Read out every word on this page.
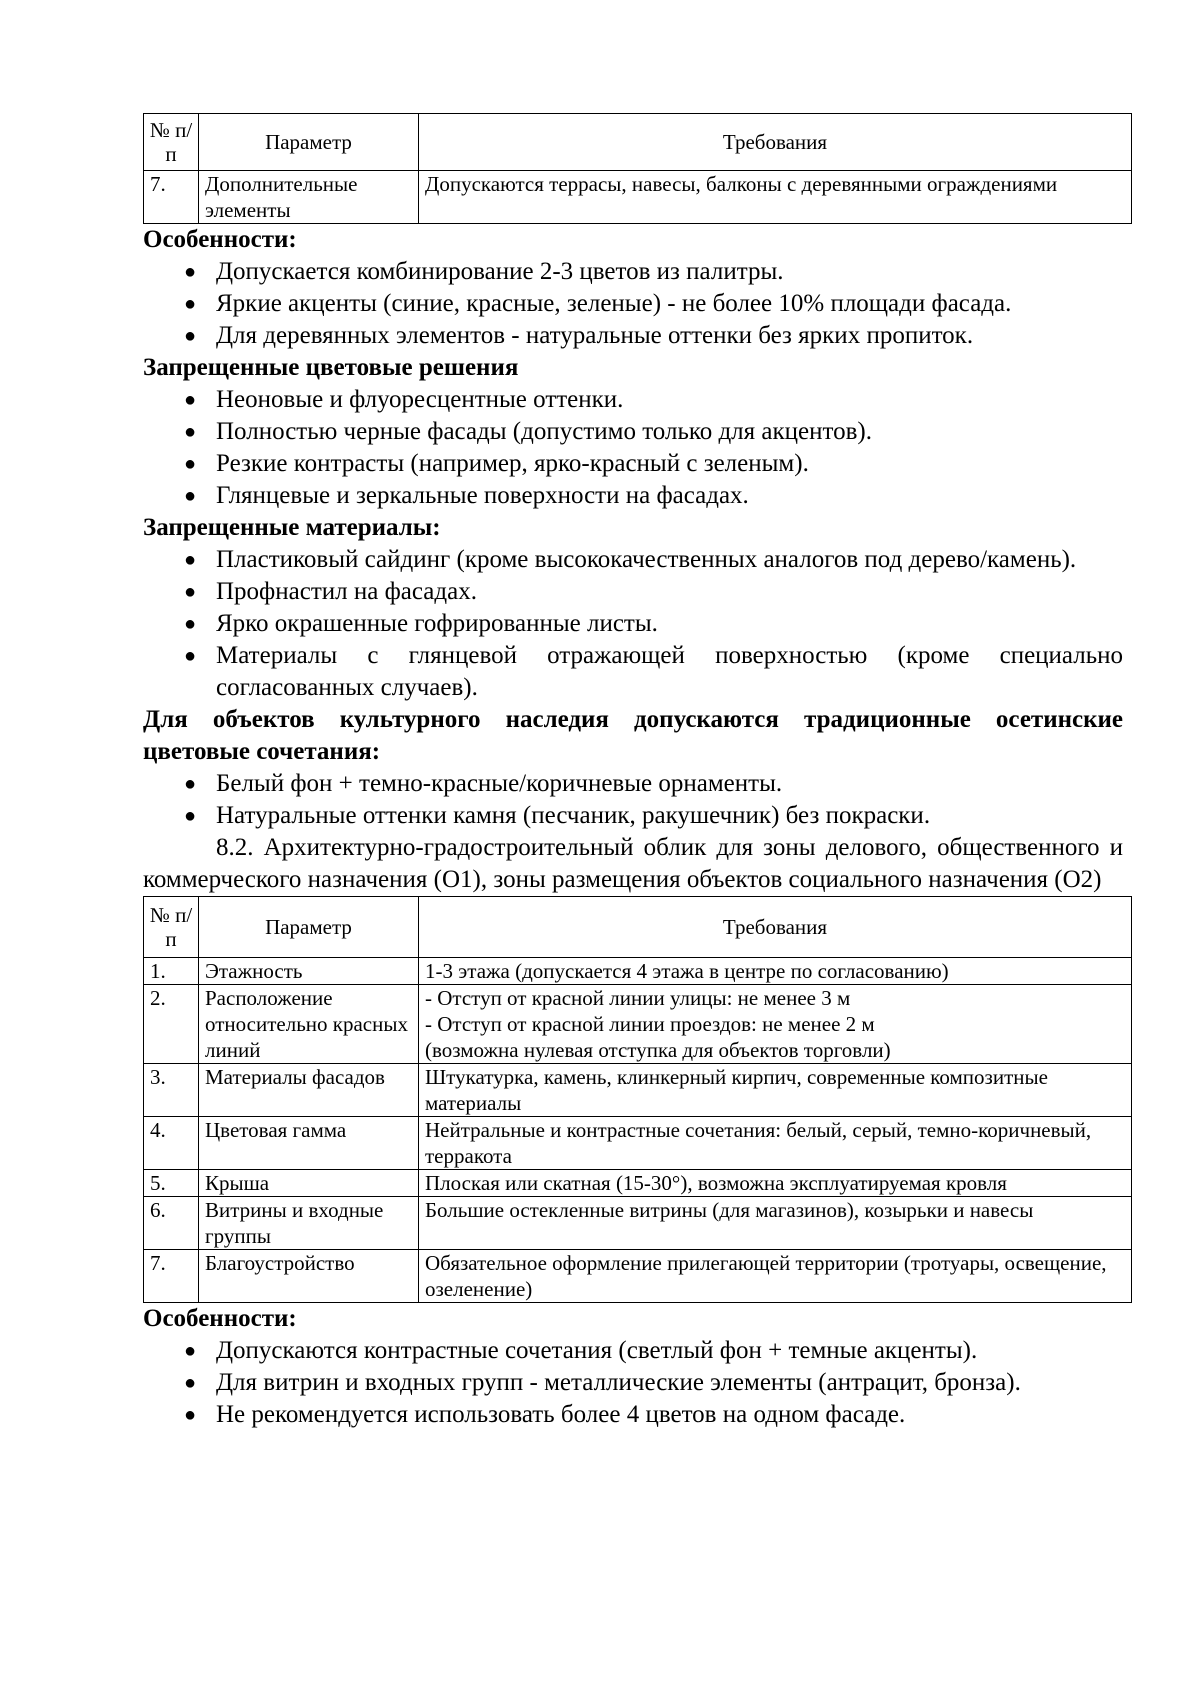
№ п/п	Параметр	Требования
7.	Дополнительные элементы	Допускаются террасы, навесы, балконы с деревянными ограждениями

Особенности:

● Допускается комбинирование 2-3 цветов из палитры.
● Яркие акценты (синие, красные, зеленые) - не более 10% площади фасада.
● Для деревянных элементов - натуральные оттенки без ярких пропиток.

Запрещенные цветовые решения

● Неоновые и флуоресцентные оттенки.
● Полностью черные фасады (допустимо только для акцентов).
● Резкие контрасты (например, ярко-красный с зеленым).
● Глянцевые и зеркальные поверхности на фасадах.

Запрещенные материалы:

● Пластиковый сайдинг (кроме высококачественных аналогов под дерево/камень).
● Профнастил на фасадах.
● Ярко окрашенные гофрированные листы.
● Материалы с глянцевой отражающей поверхностью (кроме специально согласованных случаев).

Для объектов культурного наследия допускаются традиционные осетинские цветовые сочетания:

● Белый фон + темно-красные/коричневые орнаменты.
● Натуральные оттенки камня (песчаник, ракушечник) без покраски.

8.2. Архитектурно-градостроительный облик для зоны делового, общественного и коммерческого назначения (О1), зоны размещения объектов социального назначения (О2)

№ п/п	Параметр	Требования
1.	Этажность	1-3 этажа (допускается 4 этажа в центре по согласованию)
2.	Расположение относительно красных линий	- Отступ от красной линии улицы: не менее 3 м
- Отступ от красной линии проездов: не менее 2 м
(возможна нулевая отступка для объектов торговли)
3.	Материалы фасадов	Штукатурка, камень, клинкерный кирпич, современные композитные материалы
4.	Цветовая гамма	Нейтральные и контрастные сочетания: белый, серый, темно-коричневый, терракота
5.	Крыша	Плоская или скатная (15-30°), возможна эксплуатируемая кровля
6.	Витрины и входные группы	Большие остекленные витрины (для магазинов), козырьки и навесы
7.	Благоустройство	Обязательное оформление прилегающей территории (тротуары, освещение, озеленение)

Особенности:

● Допускаются контрастные сочетания (светлый фон + темные акценты).
● Для витрин и входных групп - металлические элементы (антрацит, бронза).
● Не рекомендуется использовать более 4 цветов на одном фасаде.
